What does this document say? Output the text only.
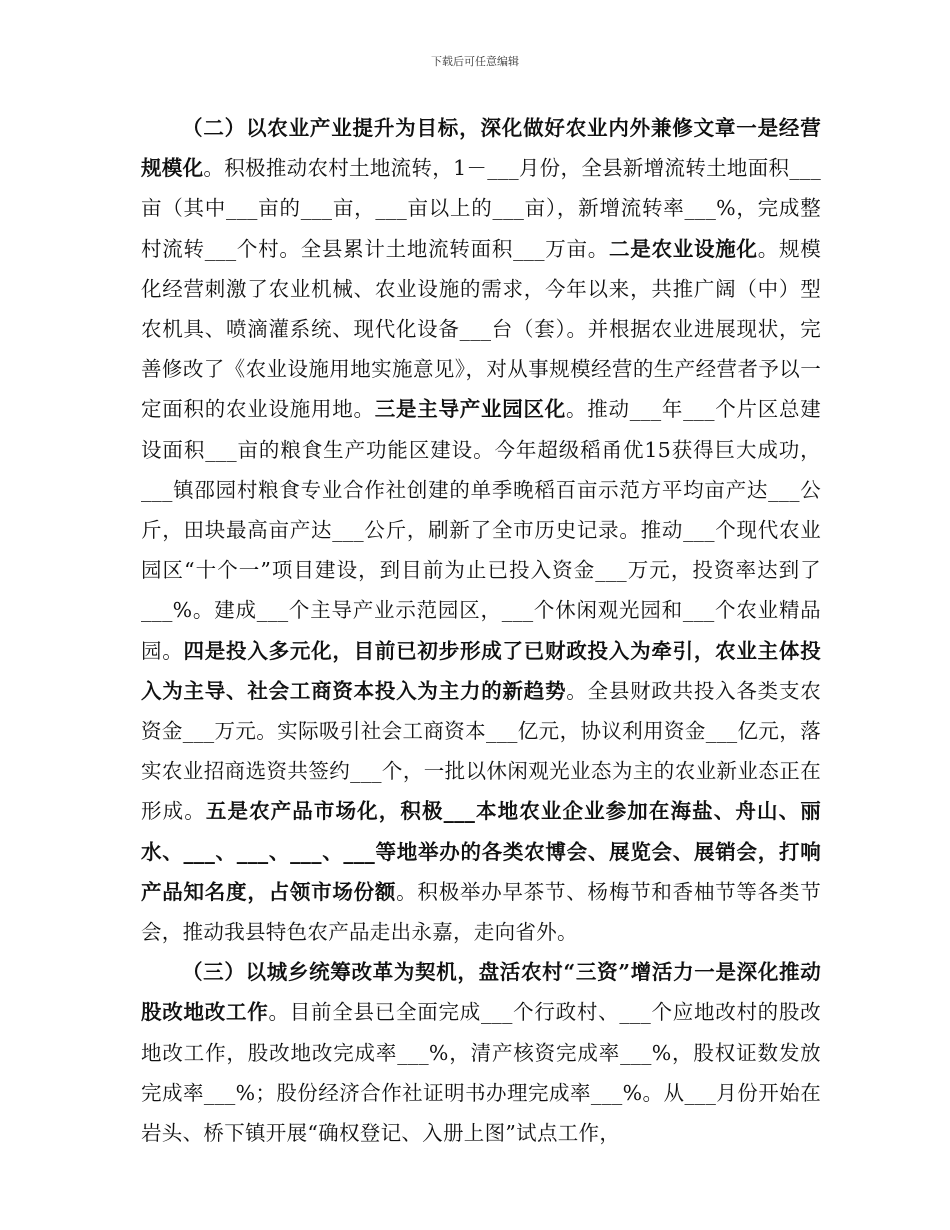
下载后可任意编辑

（二）以农业产业提升为目标，深化做好农业内外兼修文章一是经营规模化。积极推动农村土地流转，1－___月份，全县新增流转土地面积___亩（其中___亩的___亩，___亩以上的___亩），新增流转率___%，完成整村流转___个村。全县累计土地流转面积___万亩。二是农业设施化。规模化经营刺激了农业机械、农业设施的需求，今年以来，共推广阔（中）型农机具、喷滴灌系统、现代化设备___台（套）。并根据农业进展现状，完善修改了《农业设施用地实施意见》，对从事规模经营的生产经营者予以一定面积的农业设施用地。三是主导产业园区化。推动___年___个片区总建设面积___亩的粮食生产功能区建设。今年超级稻甬优15获得巨大成功，___镇邵园村粮食专业合作社创建的单季晚稻百亩示范方平均亩产达___公斤，田块最高亩产达___公斤，刷新了全市历史记录。推动___个现代农业园区“十个一”项目建设，到目前为止已投入资金___万元，投资率达到了___%。建成___个主导产业示范园区，___个休闲观光园和___个农业精品园。四是投入多元化，目前已初步形成了已财政投入为牵引，农业主体投入为主导、社会工商资本投入为主力的新趋势。全县财政共投入各类支农资金___万元。实际吸引社会工商资本___亿元，协议利用资金___亿元，落实农业招商选资共签约___个，一批以休闲观光业态为主的农业新业态正在形成。五是农产品市场化，积极___本地农业企业参加在海盐、舟山、丽水、___、___、___、___等地举办的各类农博会、展览会、展销会，打响产品知名度，占领市场份额。积极举办早茶节、杨梅节和香柚节等各类节会，推动我县特色农产品走出永嘉，走向省外。

（三）以城乡统筹改革为契机，盘活农村“三资”增活力一是深化推动股改地改工作。目前全县已全面完成___个行政村、___个应地改村的股改地改工作，股改地改完成率___%，清产核资完成率___%，股权证数发放完成率___%；股份经济合作社证明书办理完成率___%。从___月份开始在岩头、桥下镇开展“确权登记、入册上图”试点工作，
